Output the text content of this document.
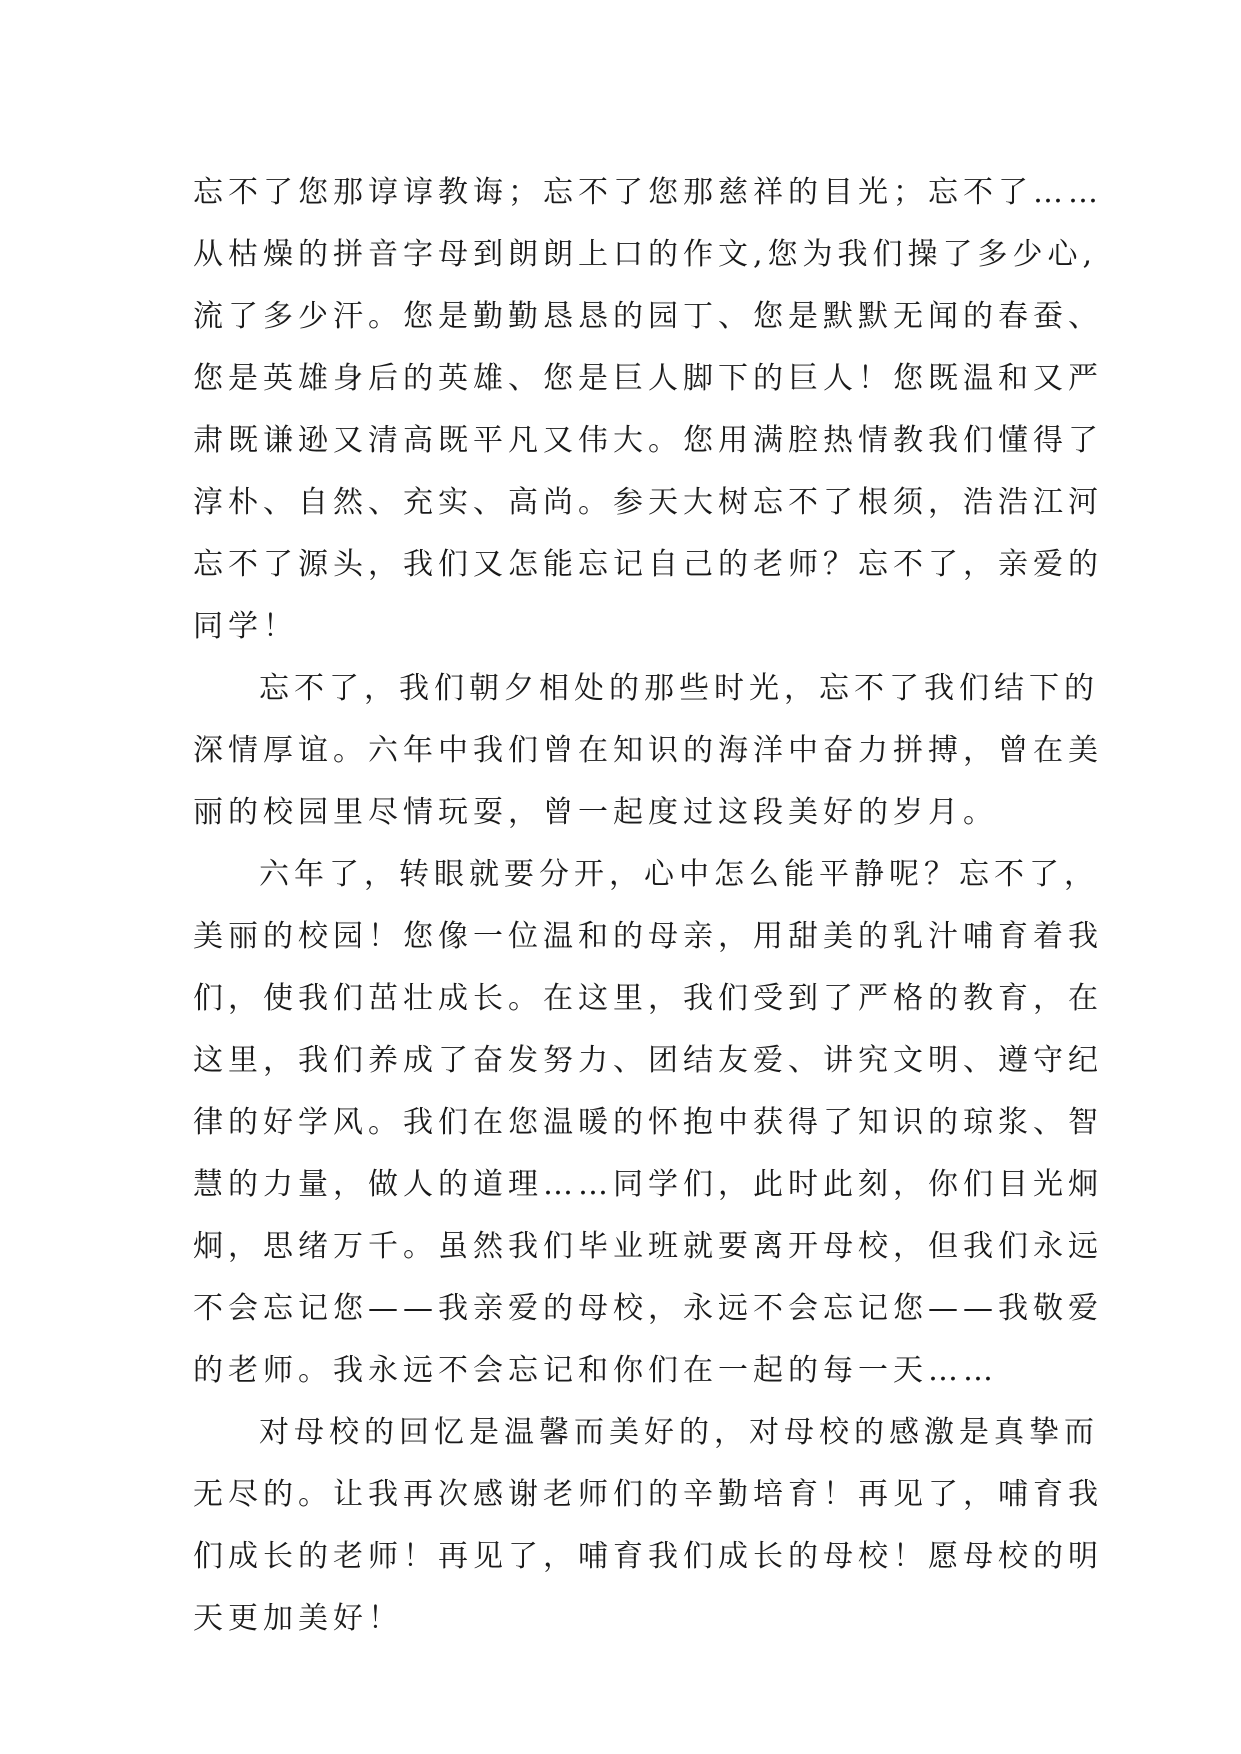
忘不了您那谆谆教诲；忘不了您那慈祥的目光；忘不了……
从枯燥的拼音字母到朗朗上口的作文,您为我们操了多少心,
流了多少汗。您是勤勤恳恳的园丁、您是默默无闻的春蚕、
您是英雄身后的英雄、您是巨人脚下的巨人！您既温和又严
肃既谦逊又清高既平凡又伟大。您用满腔热情教我们懂得了
淳朴、自然、充实、高尚。参天大树忘不了根须，浩浩江河
忘不了源头，我们又怎能忘记自己的老师？忘不了，亲爱的
同学！
忘不了，我们朝夕相处的那些时光，忘不了我们结下的
深情厚谊。六年中我们曾在知识的海洋中奋力拼搏，曾在美
丽的校园里尽情玩耍，曾一起度过这段美好的岁月。
六年了，转眼就要分开，心中怎么能平静呢？忘不了，
美丽的校园！您像一位温和的母亲，用甜美的乳汁哺育着我
们，使我们茁壮成长。在这里，我们受到了严格的教育，在
这里，我们养成了奋发努力、团结友爱、讲究文明、遵守纪
律的好学风。我们在您温暖的怀抱中获得了知识的琼浆、智
慧的力量，做人的道理……同学们，此时此刻，你们目光炯
炯，思绪万千。虽然我们毕业班就要离开母校，但我们永远
不会忘记您——我亲爱的母校，永远不会忘记您——我敬爱
的老师。我永远不会忘记和你们在一起的每一天……
对母校的回忆是温馨而美好的，对母校的感激是真挚而
无尽的。让我再次感谢老师们的辛勤培育！再见了，哺育我
们成长的老师！再见了，哺育我们成长的母校！愿母校的明
天更加美好！
